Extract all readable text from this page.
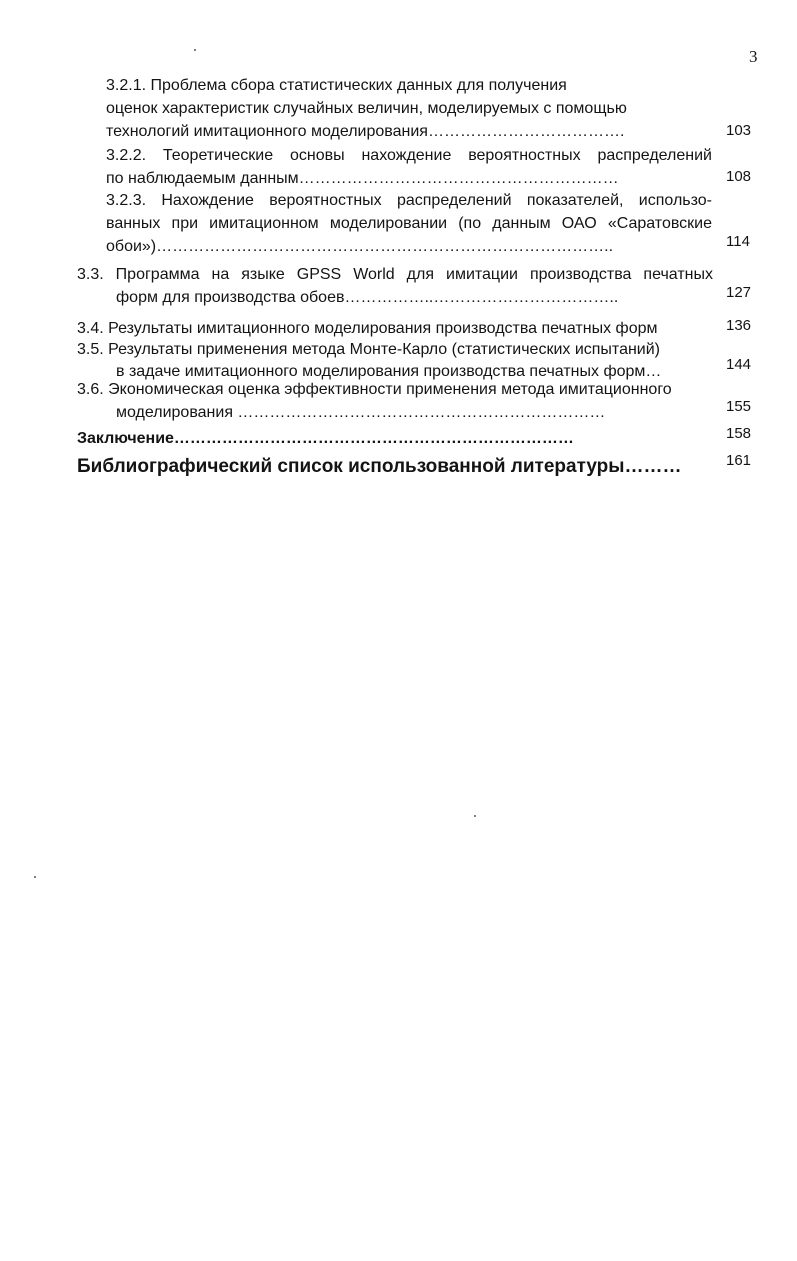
3
3.2.1. Проблема сбора статистических данных для получения
оценок характеристик случайных величин, моделируемых с помощью
технологий имитационного моделирования……………………………….	103
3.2.2. Теоретические основы нахождение вероятностных распределений
по наблюдаемым данным……………………………………………………	108
3.2.3. Нахождение вероятностных распределений показателей, использо-
ванных при имитационном моделировании (по данным ОАО «Саратовские
обои»)…………………………………………………………………………..	114
3.3. Программа на языке GPSS World для имитации производства печатных
форм для производства обоев……………..……………………………..	127
3.4. Результаты имитационного моделирования производства печатных форм	136
3.5. Результаты применения метода Монте-Карло (статистических испытаний)
в задаче имитационного моделирования производства печатных форм…	144
3.6. Экономическая оценка эффективности применения метода имитационного
моделирования ……………………………………………………………	155
Заключение…………………………………………………………………	158
Библиографический список использованной литературы………	161
